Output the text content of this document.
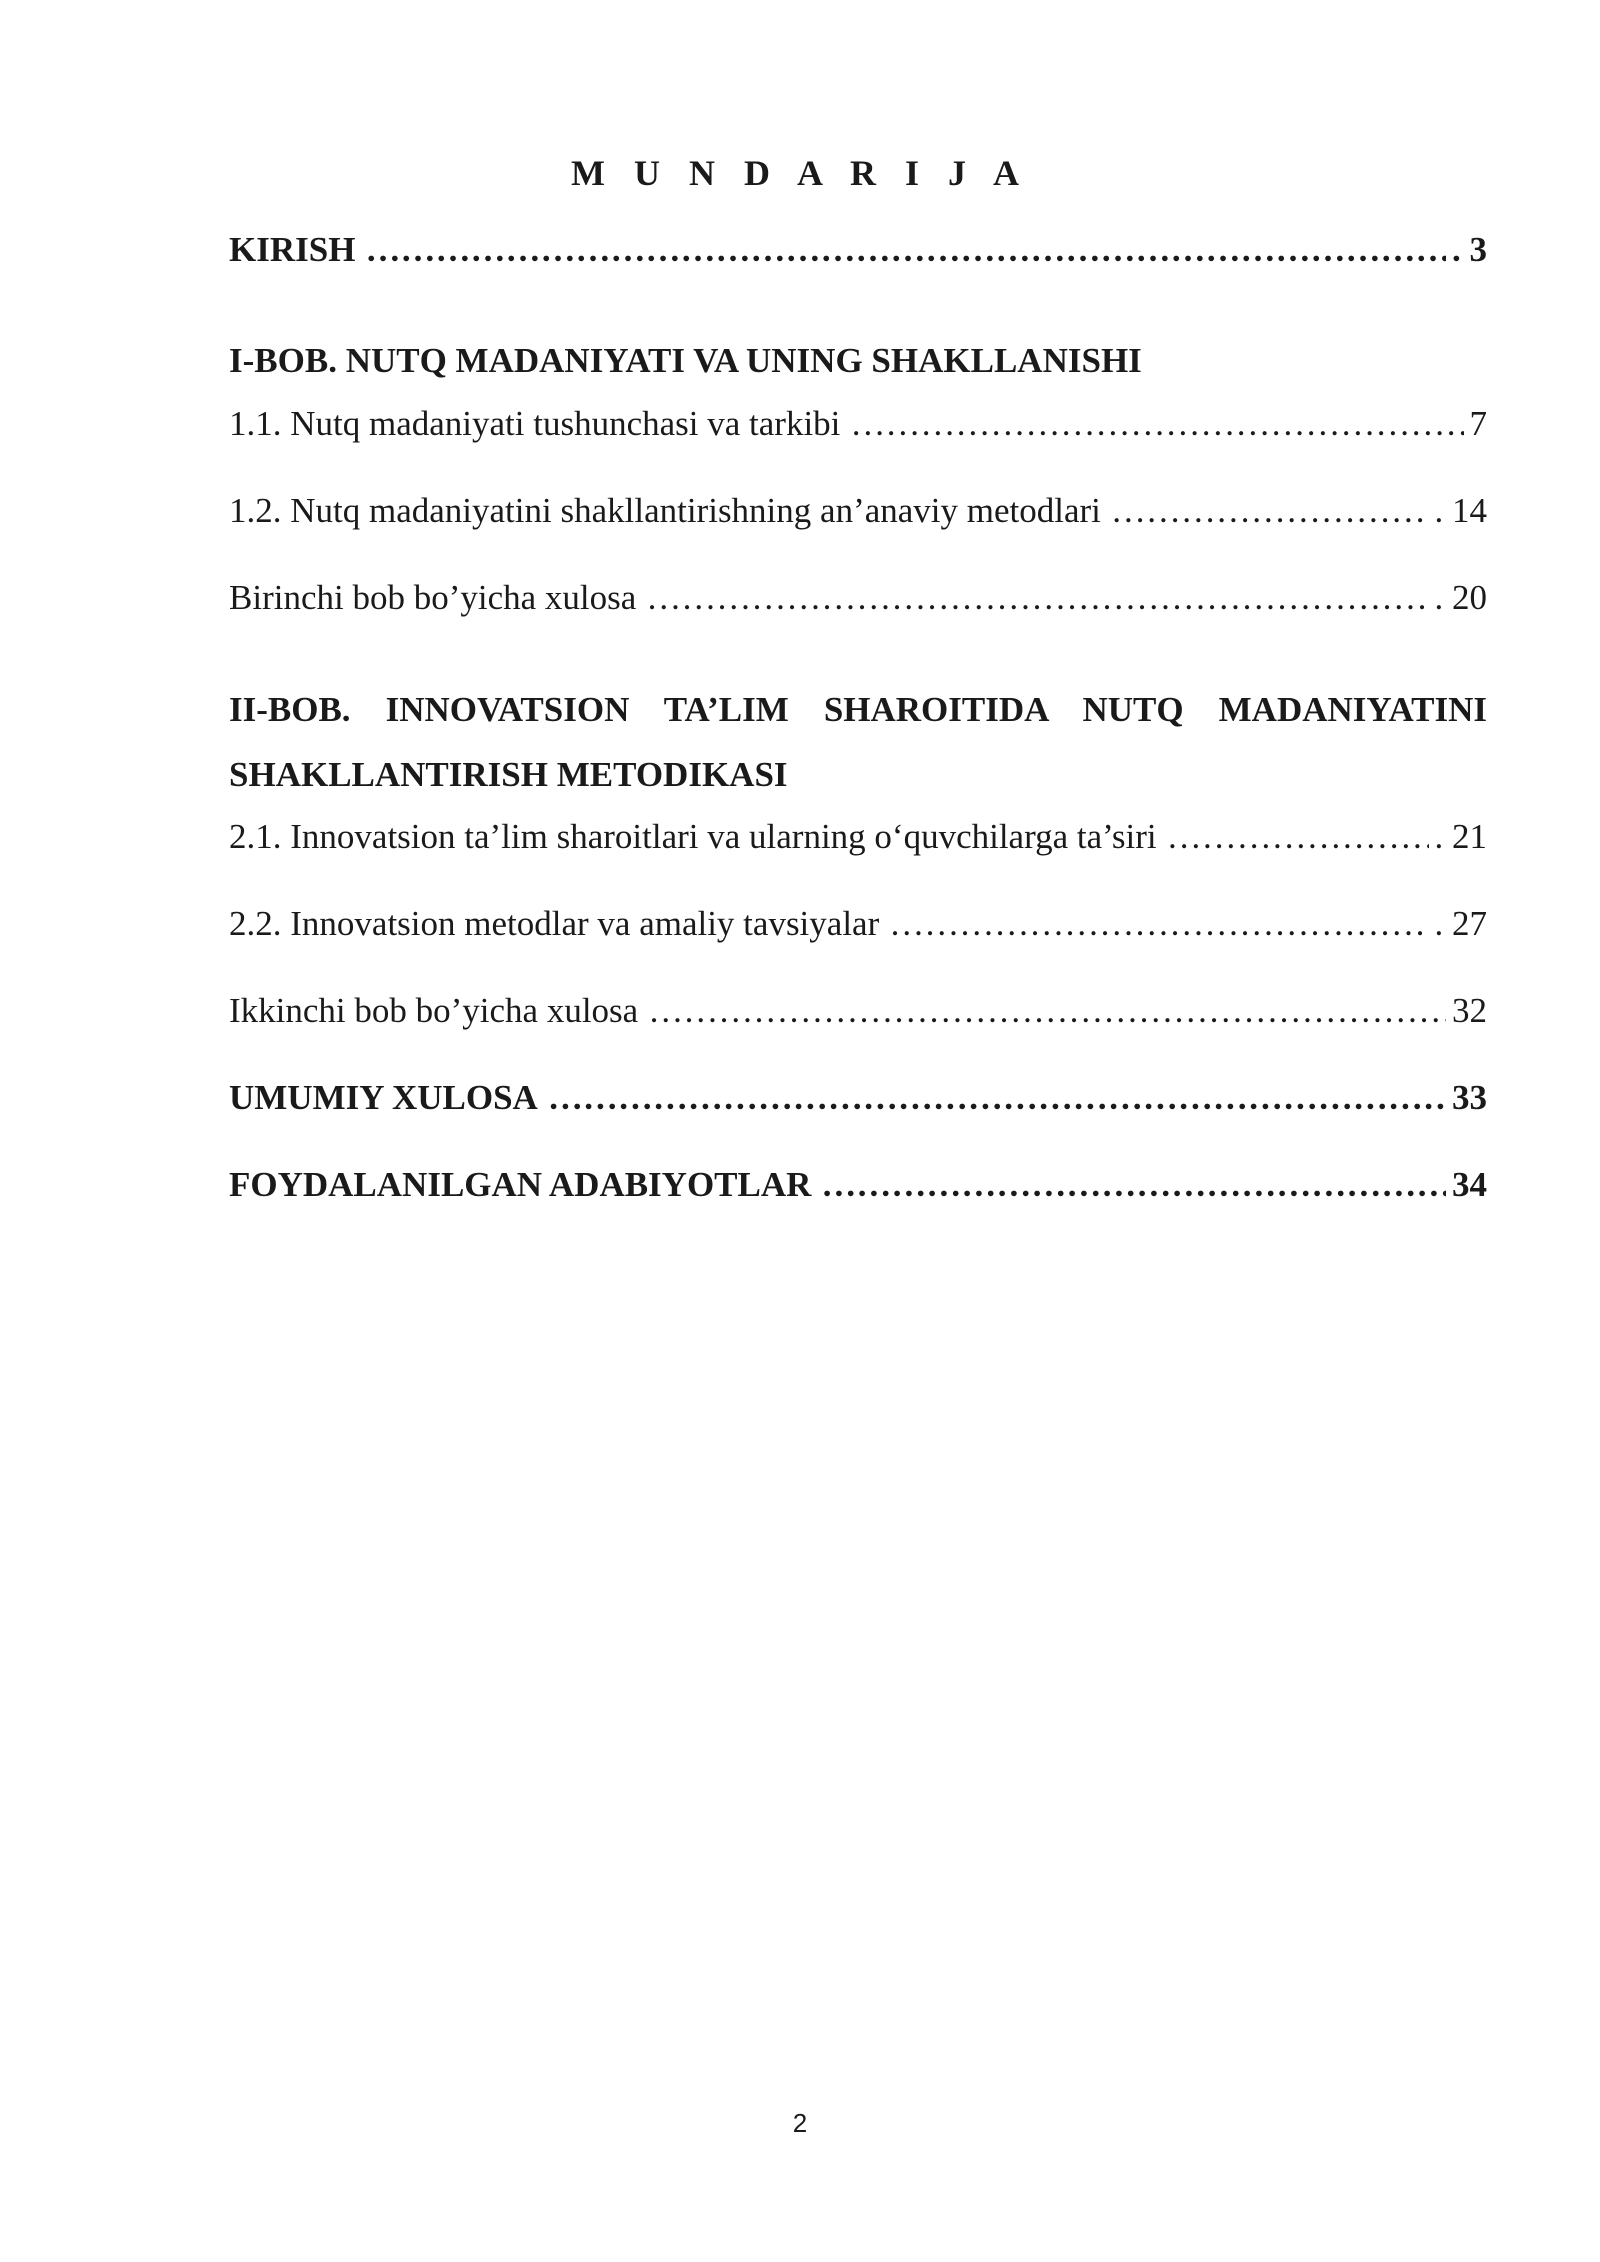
M U N D A R I J A
KIRISH …………………………………………………………………………………………………………………………………………………………………………………………………………	. 3
I-BOB. NUTQ MADANIYATI VA UNING SHAKLLANISHI
1.1. Nutq madaniyati tushunchasi va tarkibi …………………………………………………………………………………………………………………………………………………………………………………………………………	7
1.2. Nutq madaniyatini shakllantirishning an’anaviy metodlari …………………………………………………………………………………………………………………………………………………………………………………………………………	. 14
Birinchi bob bo’yicha xulosa …………………………………………………………………………………………………………………………………………………………………………………………………………	. 20
II-BOB. INNOVATSION TA’LIM SHAROITIDA NUTQ MADANIYATINI SHAKLLANTIRISH METODIKASI
2.1. Innovatsion ta’lim sharoitlari va ularning o‘quvchilarga ta’siri …………………………………………………………………………………………………………………………………………………………………………………………………………	. 21
2.2. Innovatsion metodlar va amaliy tavsiyalar …………………………………………………………………………………………………………………………………………………………………………………………………………	. 27
Ikkinchi bob bo’yicha xulosa …………………………………………………………………………………………………………………………………………………………………………………………………………	32
UMUMIY XULOSA …………………………………………………………………………………………………………………………………………………………………………………………………………	33
FOYDALANILGAN ADABIYOTLAR …………………………………………………………………………………………………………………………………………………………………………………………………………	34
2
